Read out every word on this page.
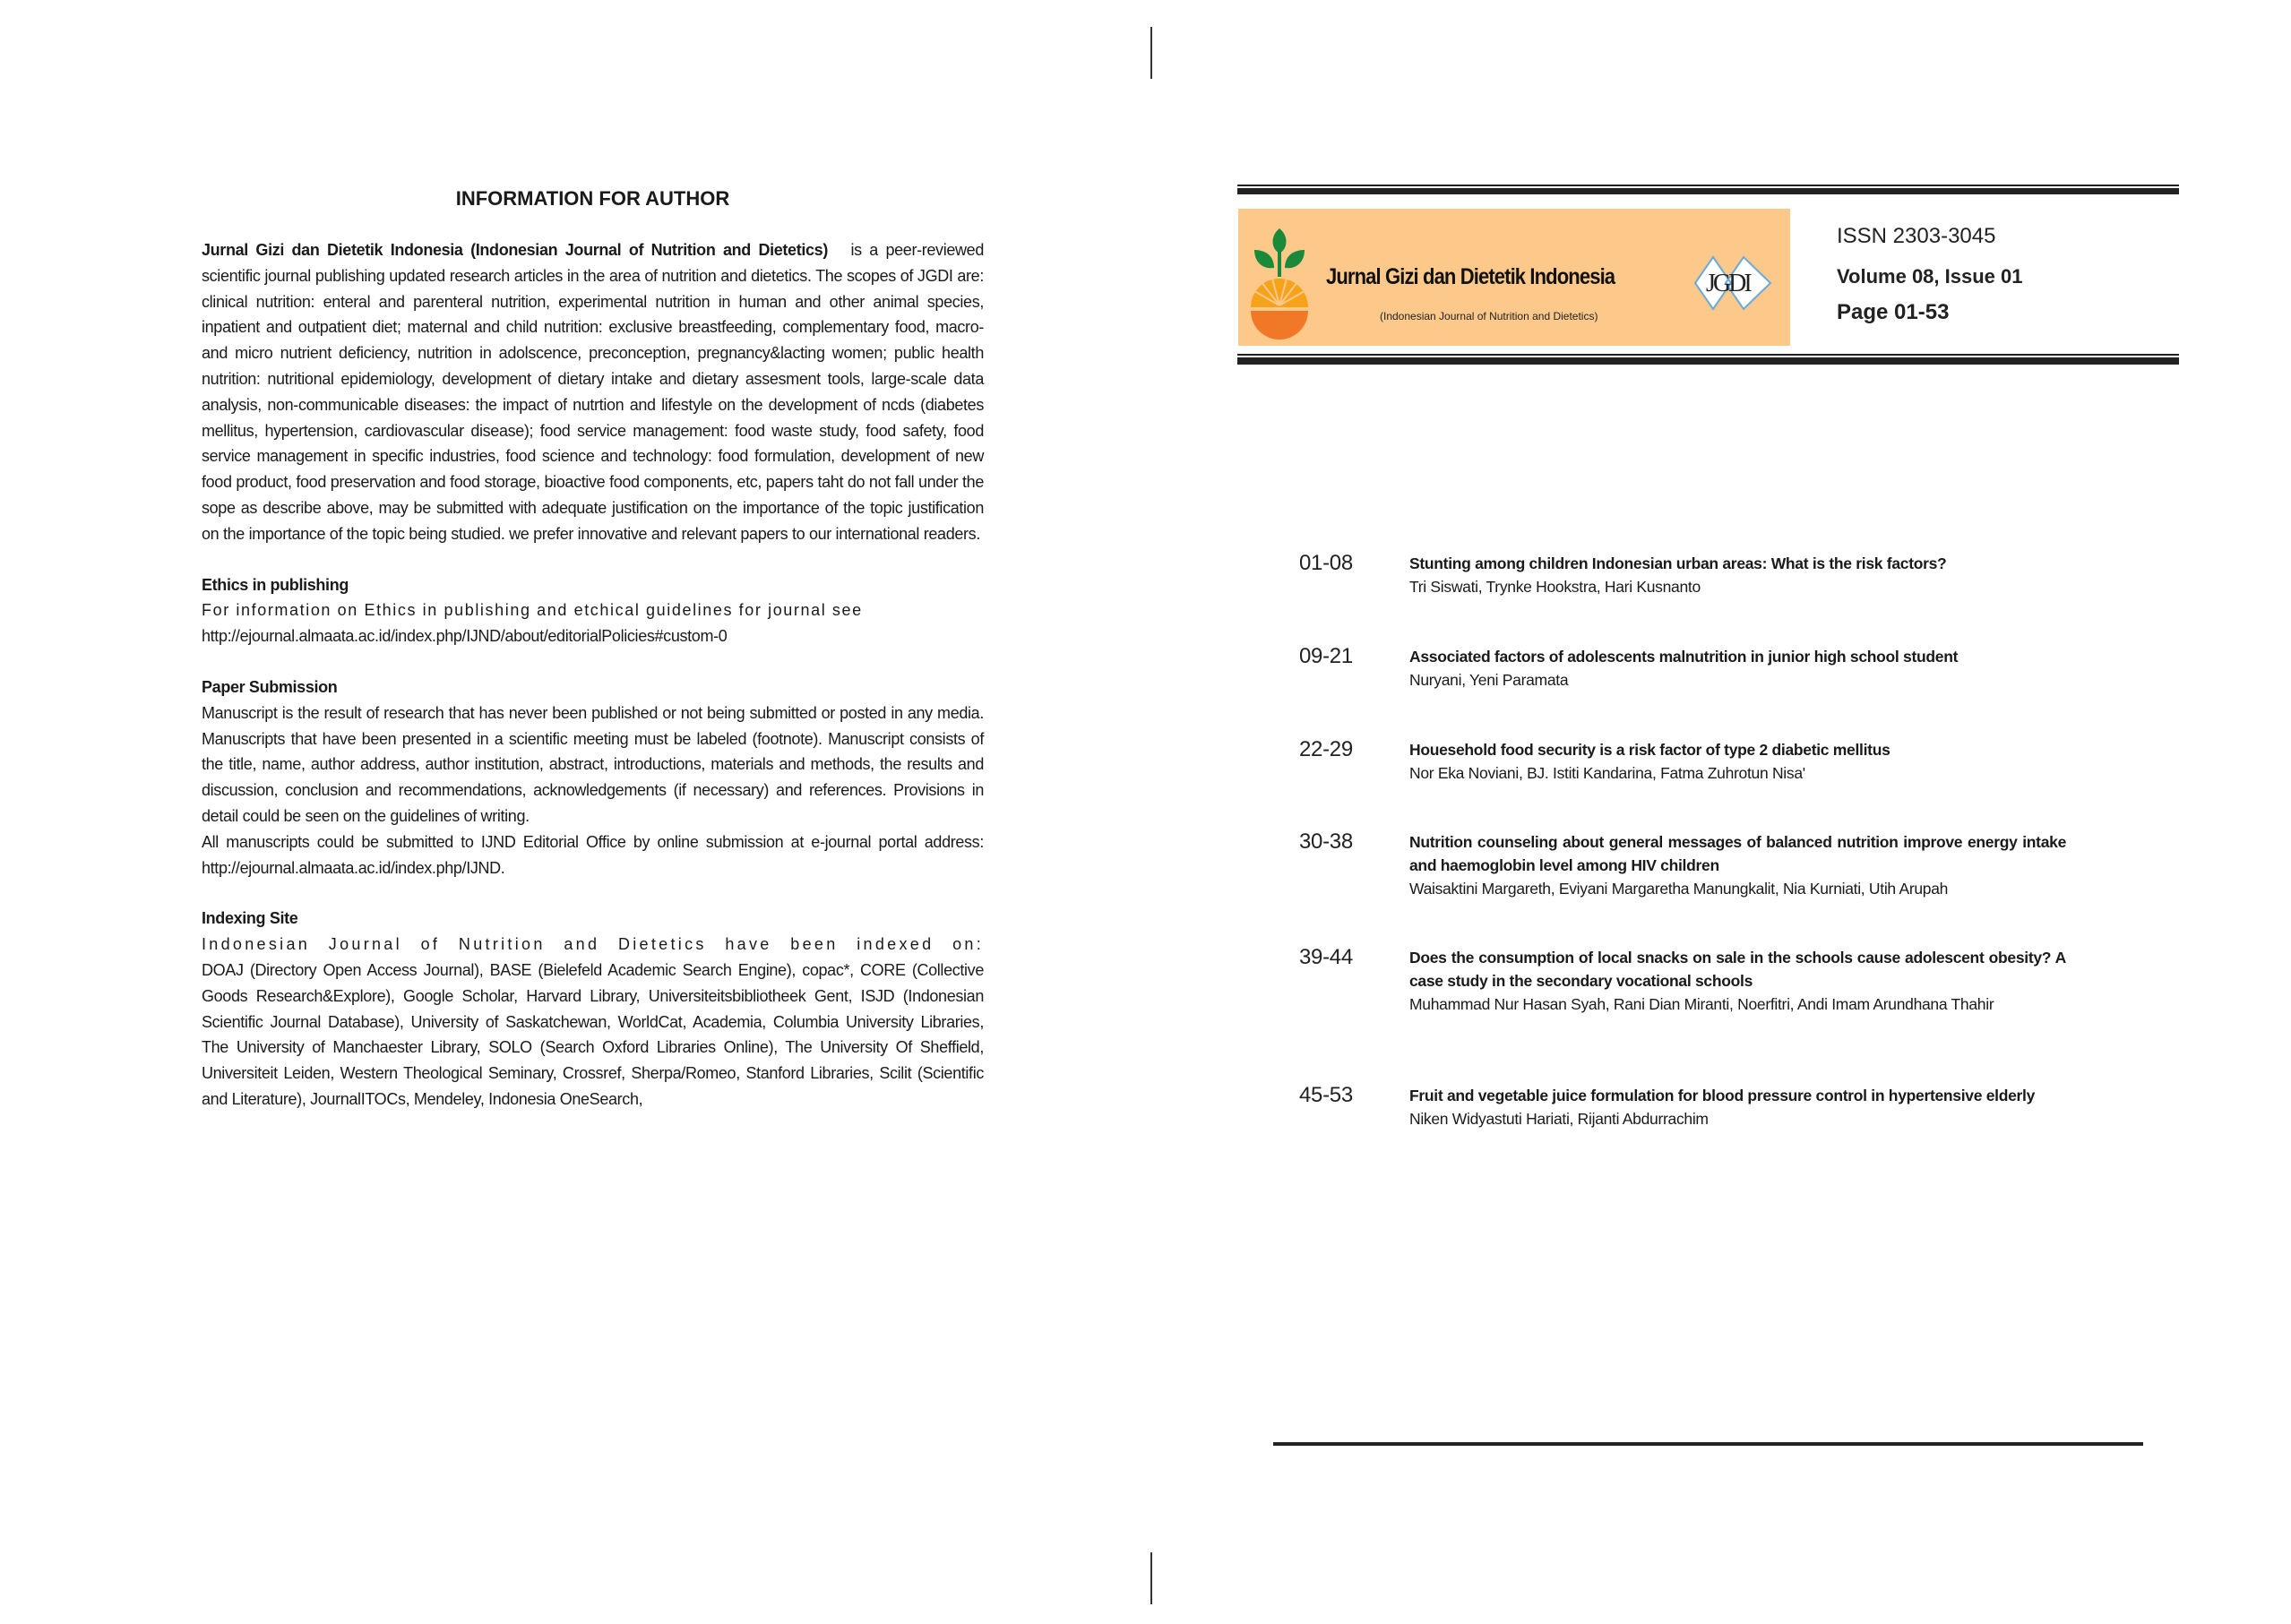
INFORMATION FOR AUTHOR

Jurnal Gizi dan Dietetik Indonesia (Indonesian Journal of Nutrition and Dietetics) is a peer-reviewed scientific journal publishing updated research articles in the area of nutrition and dietetics. The scopes of JGDI are: clinical nutrition: enteral and parenteral nutrition, experimental nutrition in human and other animal species, inpatient and outpatient diet; maternal and child nutrition: exclusive breastfeeding, complementary food, macro-and micro nutrient deficiency, nutrition in adolscence, preconception, pregnancy&lacting women; public health nutrition: nutritional epidemiology, development of dietary intake and dietary assesment tools, large-scale data analysis, non-communicable diseases: the impact of nutrtion and lifestyle on the development of ncds (diabetes mellitus, hypertension, cardiovascular disease); food service management: food waste study, food safety, food service management in specific industries, food science and technology: food formulation, development of new food product, food preservation and food storage, bioactive food components, etc, papers taht do not fall under the sope as describe above, may be submitted with adequate justification on the importance of the topic justification on the importance of the topic being studied. we prefer innovative and relevant papers to our international readers.

Ethics in publishing

For information on Ethics in publishing and etchical guidelines for journal see
http://ejournal.almaata.ac.id/index.php/IJND/about/editorialPolicies#custom-0

Paper Submission

Manuscript is the result of research that has never been published or not being submitted or posted in any media. Manuscripts that have been presented in a scientific meeting must be labeled (footnote). Manuscript consists of the title, name, author address, author institution, abstract, introductions, materials and methods, the results and discussion, conclusion and recommendations, acknowledgements (if necessary) and references. Provisions in detail could be seen on the guidelines of writing.

All manuscripts could be submitted to IJND Editorial Office by online submission at e-journal portal address: http://ejournal.almaata.ac.id/index.php/IJND.

Indexing Site

Indonesian Journal of Nutrition and Dietetics have been indexed on:

DOAJ (Directory Open Access Journal), BASE (Bielefeld Academic Search Engine), copac*, CORE (Collective Goods Research&Explore), Google Scholar, Harvard Library, Universiteitsbibliotheek Gent, ISJD (Indonesian Scientific Journal Database), University of Saskatchewan, WorldCat, Academia, Columbia University Libraries, The University of Manchaester Library, SOLO (Search Oxford Libraries Online), The University Of Sheffield, Universiteit Leiden, Western Theological Seminary, Crossref, Sherpa/Romeo, Stanford Libraries, Scilit (Scientific and Literature), JournalITOCs, Mendeley, Indonesia OneSearch,

Jurnal Gizi dan Dietetik Indonesia
(Indonesian Journal of Nutrition and Dietetics)
JGDI
ISSN 2303-3045
Volume 08, Issue 01
Page 01-53
01-08	Stunting among children Indonesian urban areas: What is the risk factors?
Tri Siswati, Trynke Hookstra, Hari Kusnanto
09-21	Associated factors of adolescents malnutrition in junior high school student
Nuryani, Yeni Paramata
22-29	Houesehold food security is a risk factor of type 2 diabetic mellitus
Nor Eka Noviani, BJ. Istiti Kandarina, Fatma Zuhrotun Nisa'
30-38	Nutrition counseling about general messages of balanced nutrition improve energy intake and haemoglobin level among HIV children
Waisaktini Margareth, Eviyani Margaretha Manungkalit, Nia Kurniati, Utih Arupah
39-44	Does the consumption of local snacks on sale in the schools cause adolescent obesity? A case study in the secondary vocational schools
Muhammad Nur Hasan Syah, Rani Dian Miranti, Noerfitri, Andi Imam Arundhana Thahir
45-53	Fruit and vegetable juice formulation for blood pressure control in hypertensive elderly
Niken Widyastuti Hariati, Rijanti Abdurrachim
